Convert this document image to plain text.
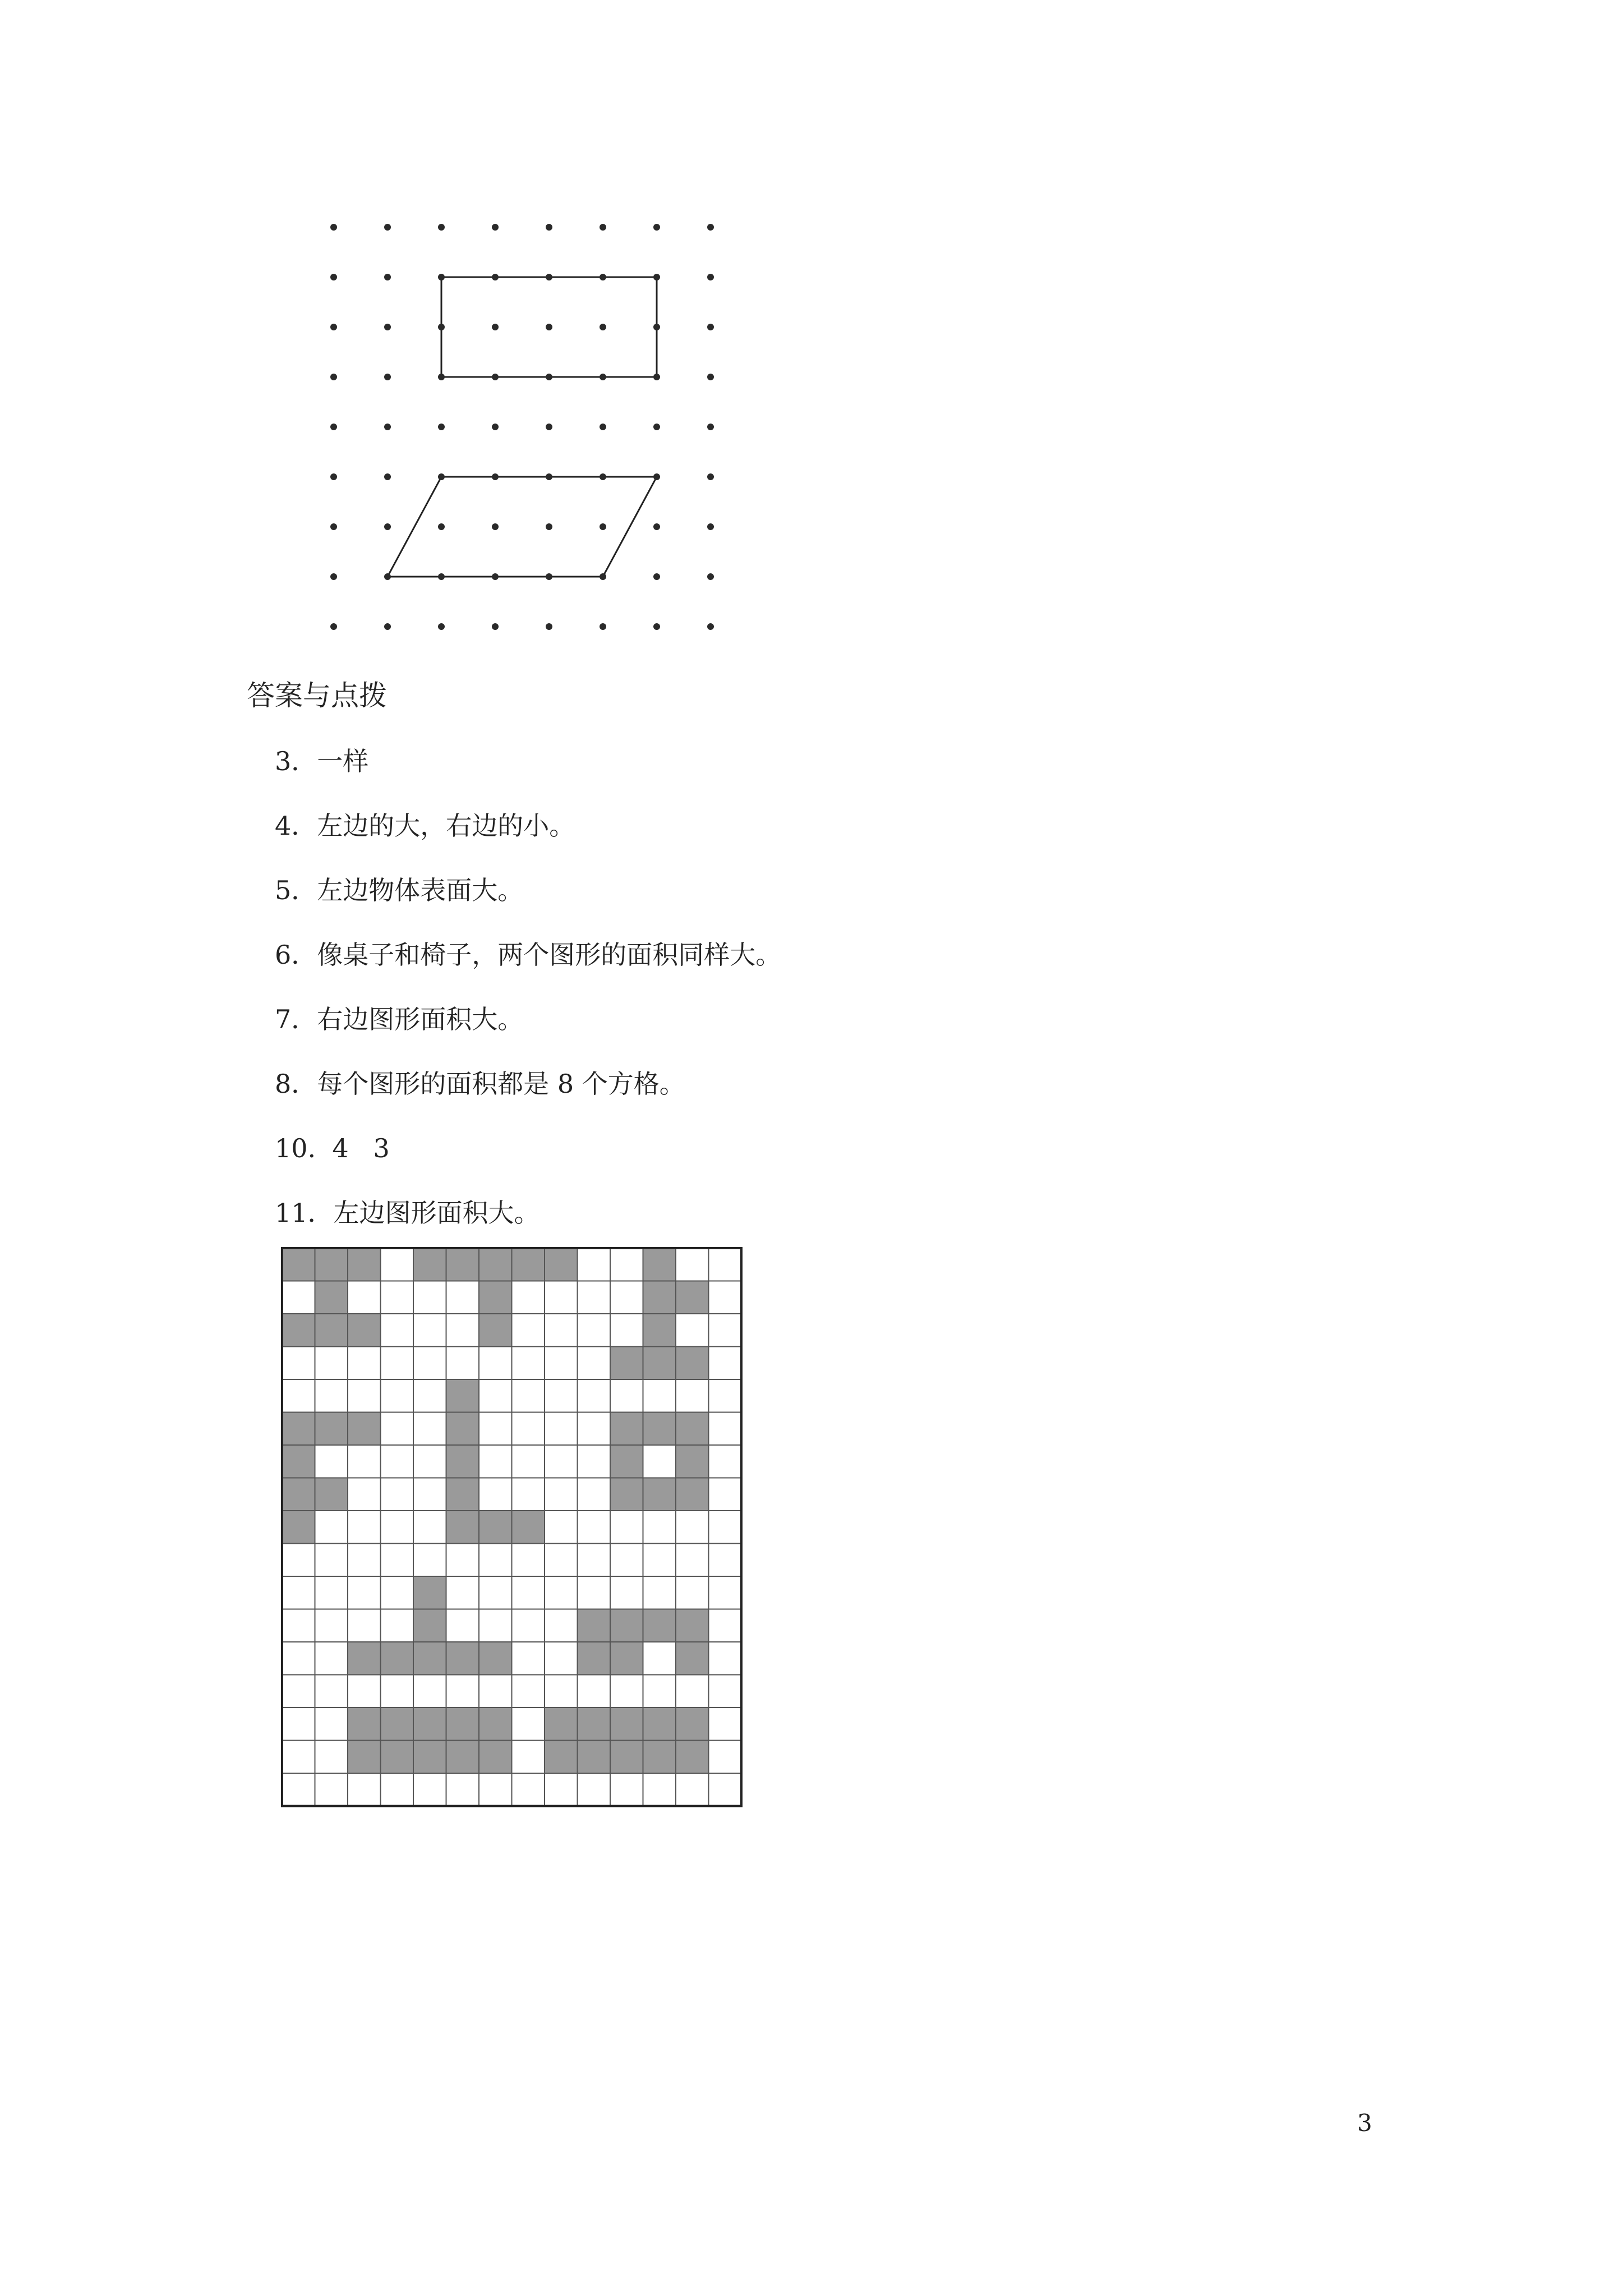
答案与点拨
3．一样
4．左边的大，右边的小。
5．左边物体表面大。
6．像桌子和椅子，两个图形的面积同样大。
7．右边图形面积大。
8．每个图形的面积都是 8 个方格。
10.  4   3
11．左边图形面积大。
3
